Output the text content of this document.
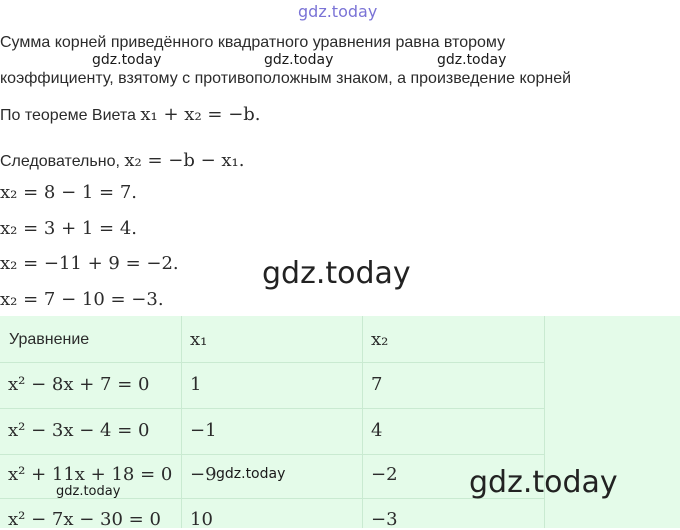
gdz.today
gdz.today	gdz.today	gdz.today
Сумма корней приведённого квадратного уравнения равна второму
коэффициенту, взятому с противоположным знаком, а произведение корней
По теореме Виета x₁ + x₂ = −b.
Следовательно, x₂ = −b − x₁.
x₂ = 8 − 1 = 7.
x₂ = 3 + 1 = 4.
x₂ = −11 + 9 = −2.
x₂ = 7 − 10 = −3.
gdz.today
Уравнение	x₁	x₂
x² − 8x + 7 = 0 1	7
x² − 3x − 4 = 0 −1	4
x² + 11x + 18 = 0 −9	−2
x² − 7x − 30 = 0 10	−3
gdz.today
gdz.today	gdz.today
